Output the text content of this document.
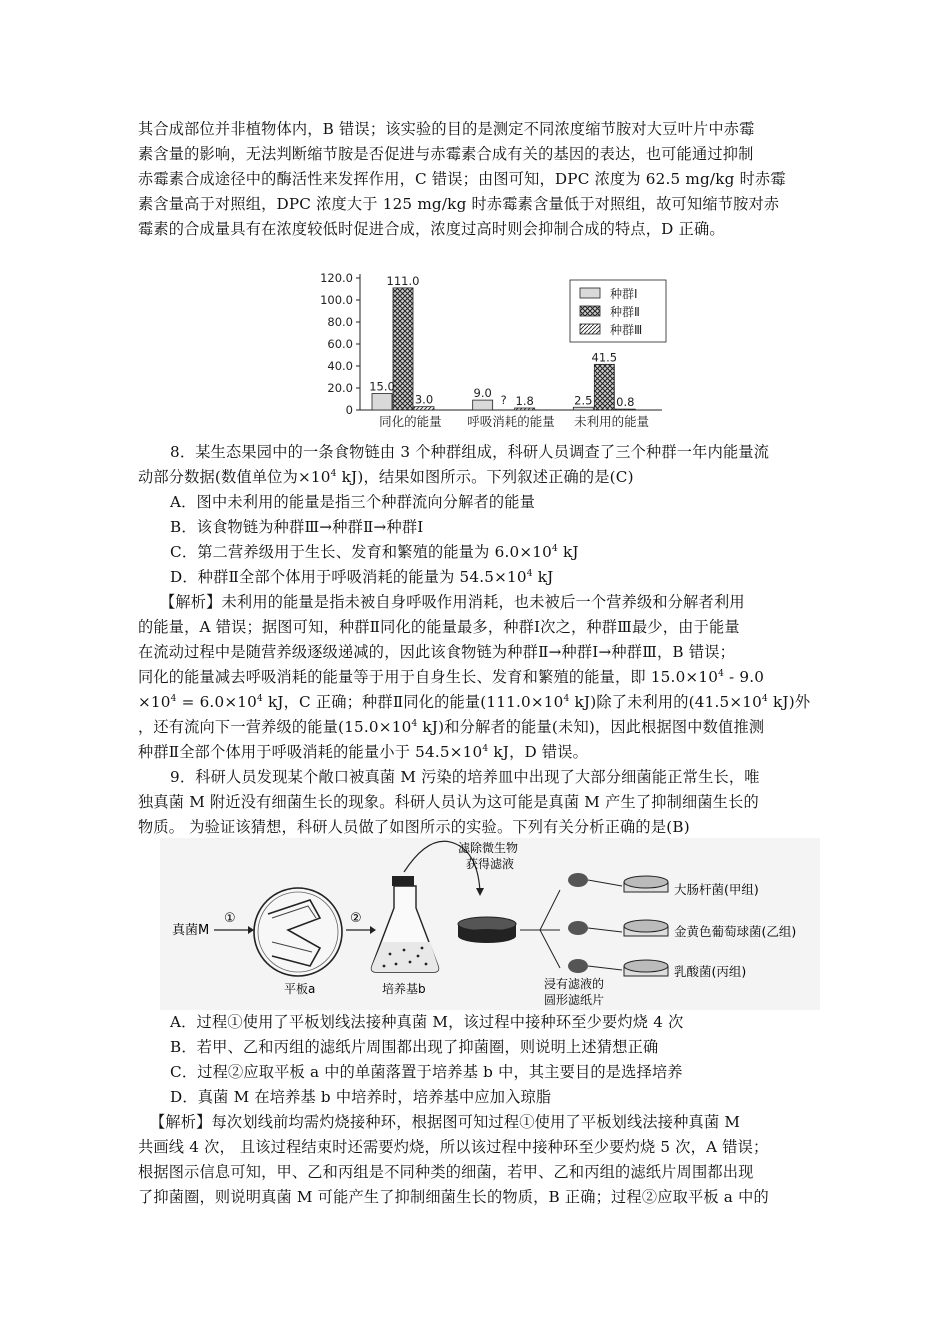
其合成部位并非植物体内，B 错误；该实验的目的是测定不同浓度缩节胺对大豆叶片中赤霉
素含量的影响，无法判断缩节胺是否促进与赤霉素合成有关的基因的表达，也可能通过抑制
赤霉素合成途径中的酶活性来发挥作用，C 错误；由图可知，DPC 浓度为 62.5 mg/kg 时赤霉
素含量高于对照组，DPC 浓度大于 125 mg/kg 时赤霉素含量低于对照组，故可知缩节胺对赤
霉素的合成量具有在浓度较低时促进合成，浓度过高时则会抑制合成的特点，D 正确。
120.0
100.0
80.0
60.0
40.0
20.0
0
15.0
111.0
3.0
同化的能量
9.0 ? 1.8
呼吸消耗的能量
2.5
41.5
0.8
未利用的能量
种群Ⅰ
种群Ⅱ
种群Ⅲ
8．某生态果园中的一条食物链由 3 个种群组成，科研人员调查了三个种群一年内能量流
动部分数据(数值单位为$\times 10^4$ kJ)，结果如图所示。下列叙述正确的是(C)
A．图中未利用的能量是指三个种群流向分解者的能量
B．该食物链为种群Ⅲ→种群Ⅱ→种群Ⅰ
C．第二营养级用于生长、发育和繁殖的能量为 $6.0\times 10^4$ kJ
D．种群Ⅱ全部个体用于呼吸消耗的能量为 $54.5\times 10^4$ kJ
【解析】未利用的能量是指未被自身呼吸作用消耗，也未被后一个营养级和分解者利用
的能量，A 错误；据图可知，种群Ⅱ同化的能量最多，种群Ⅰ次之，种群Ⅲ最少，由于能量
在流动过程中是随营养级逐级递减的，因此该食物链为种群Ⅱ→种群Ⅰ→种群Ⅲ，B 错误；
同化的能量减去呼吸消耗的能量等于用于自身生长、发育和繁殖的能量，即 $15.0\times 10^4 - 9.0$
$\times 10^4 = 6.0\times 10^4$ kJ，C 正确；种群Ⅱ同化的能量($111.0\times 10^4$ kJ)除了未利用的($41.5\times 10^4$ kJ)外
，还有流向下一营养级的能量($15.0\times 10^4$ kJ)和分解者的能量(未知)，因此根据图中数值推测
种群Ⅱ全部个体用于呼吸消耗的能量小于 $54.5\times 10^4$ kJ，D 错误。
9．科研人员发现某个敞口被真菌 M 污染的培养皿中出现了大部分细菌能正常生长，唯
独真菌 M 附近没有细菌生长的现象。科研人员认为这可能是真菌 M 产生了抑制细菌生长的
物质。 为验证该猜想，科研人员做了如图所示的实验。下列有关分析正确的是(B)
真菌M
①
平板a
②
培养基b
滤除微生物
获得滤液
浸有滤液的
圆形滤纸片
大肠杆菌(甲组)
金黄色葡萄球菌(乙组)
乳酸菌(丙组)
A．过程①使用了平板划线法接种真菌 M，该过程中接种环至少要灼烧 4 次
B．若甲、乙和丙组的滤纸片周围都出现了抑菌圈，则说明上述猜想正确
C．过程②应取平板 a 中的单菌落置于培养基 b 中，其主要目的是选择培养
D．真菌 M 在培养基 b 中培养时，培养基中应加入琼脂
【解析】每次划线前均需灼烧接种环，根据图可知过程①使用了平板划线法接种真菌 M
共画线 4 次， 且该过程结束时还需要灼烧，所以该过程中接种环至少要灼烧 5 次，A 错误；
根据图示信息可知，甲、乙和丙组是不同种类的细菌，若甲、乙和丙组的滤纸片周围都出现
了抑菌圈，则说明真菌 M 可能产生了抑制细菌生长的物质，B 正确；过程②应取平板 a 中的
